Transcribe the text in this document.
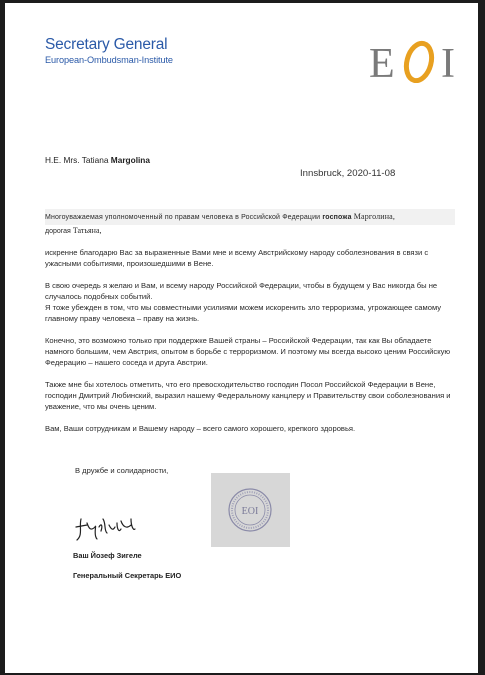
Secretary General
European-Ombudsman-Institute	E I
H.E. Mrs. Tatiana Margolina
Innsbruck, 2020-11-08

Многоуважаемая уполномоченный по правам человека в Российской Федерации госпожа Марголина,

дорогая Татьяна,

искренне благодарю Вас за выраженные Вами мне и всему Австрийскому народу соболезнования в связи с ужасными событиями, произошедшими в Вене.

В свою очередь я желаю и Вам, и всему народу Российской Федерации, чтобы в будущем у Вас никогда бы не случалось подобных событий.

Я тоже убежден в том, что мы совместными усилиями можем искоренить зло терроризма, угрожающее самому главному праву человека – праву на жизнь.

Конечно, это возможно только при поддержке Вашей страны – Российской Федерации, так как Вы обладаете намного большим, чем Австрия, опытом в борьбе с терроризмом. И поэтому мы всегда высоко ценим Российскую Федерацию – нашего соседа и друга Австрии.

Также мне бы хотелось отметить, что его превосходительство господин Посол Российской Федерации в Вене, господин Дмитрий Любинский, выразил нашему Федеральному канцлеру и Правительству свои соболезнования и уважение, что мы очень ценим.

Вам, Ваши сотрудникам и Вашему народу – всего самого хорошего, крепкого здоровья.

В дружбе и солидарности,
EOI
Ваш Йозеф Зигеле
Генеральный Секретарь ЕИО
